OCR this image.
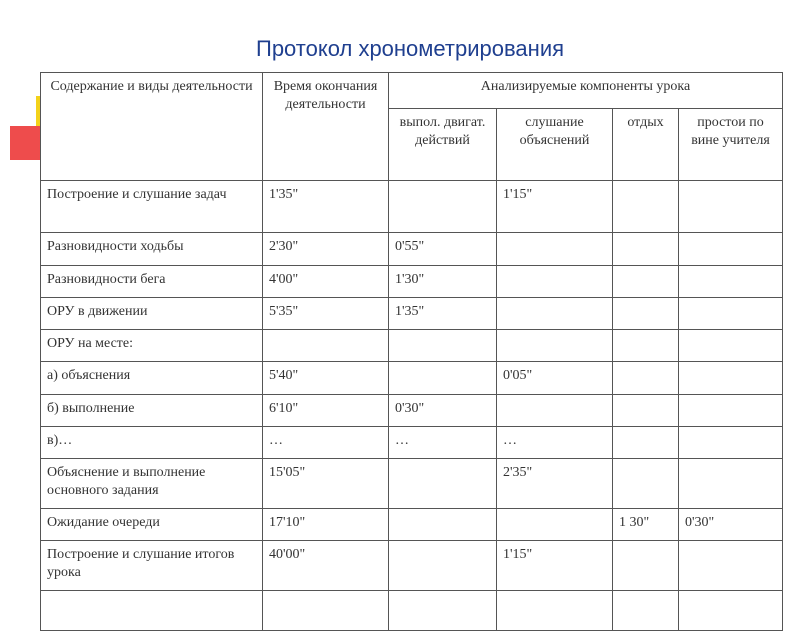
Протокол хронометрирования
Содержание и виды деятельности	Время окончания деятельности	Анализируемые компоненты урока			
		выпол. двигат. действий	слушание объяснений	отдых	простои по вине учителя
Построение и слушание задач	1'35"		1'15"		
Разновидности ходьбы	2'30"	0'55"			
Разновидности бега	4'00"	1'30"			
ОРУ в движении	5'35"	1'35"			
ОРУ на месте:					
а) объяснения	5'40"		0'05"		
б) выполнение	6'10"	0'30"			
в)…	…	…	…		
Объяснение и выполнение основного задания	15'05"		2'35"		
Ожидание очереди	17'10"			1 30"	0'30"
Построение и слушание итогов урока	40'00"		1'15"		
